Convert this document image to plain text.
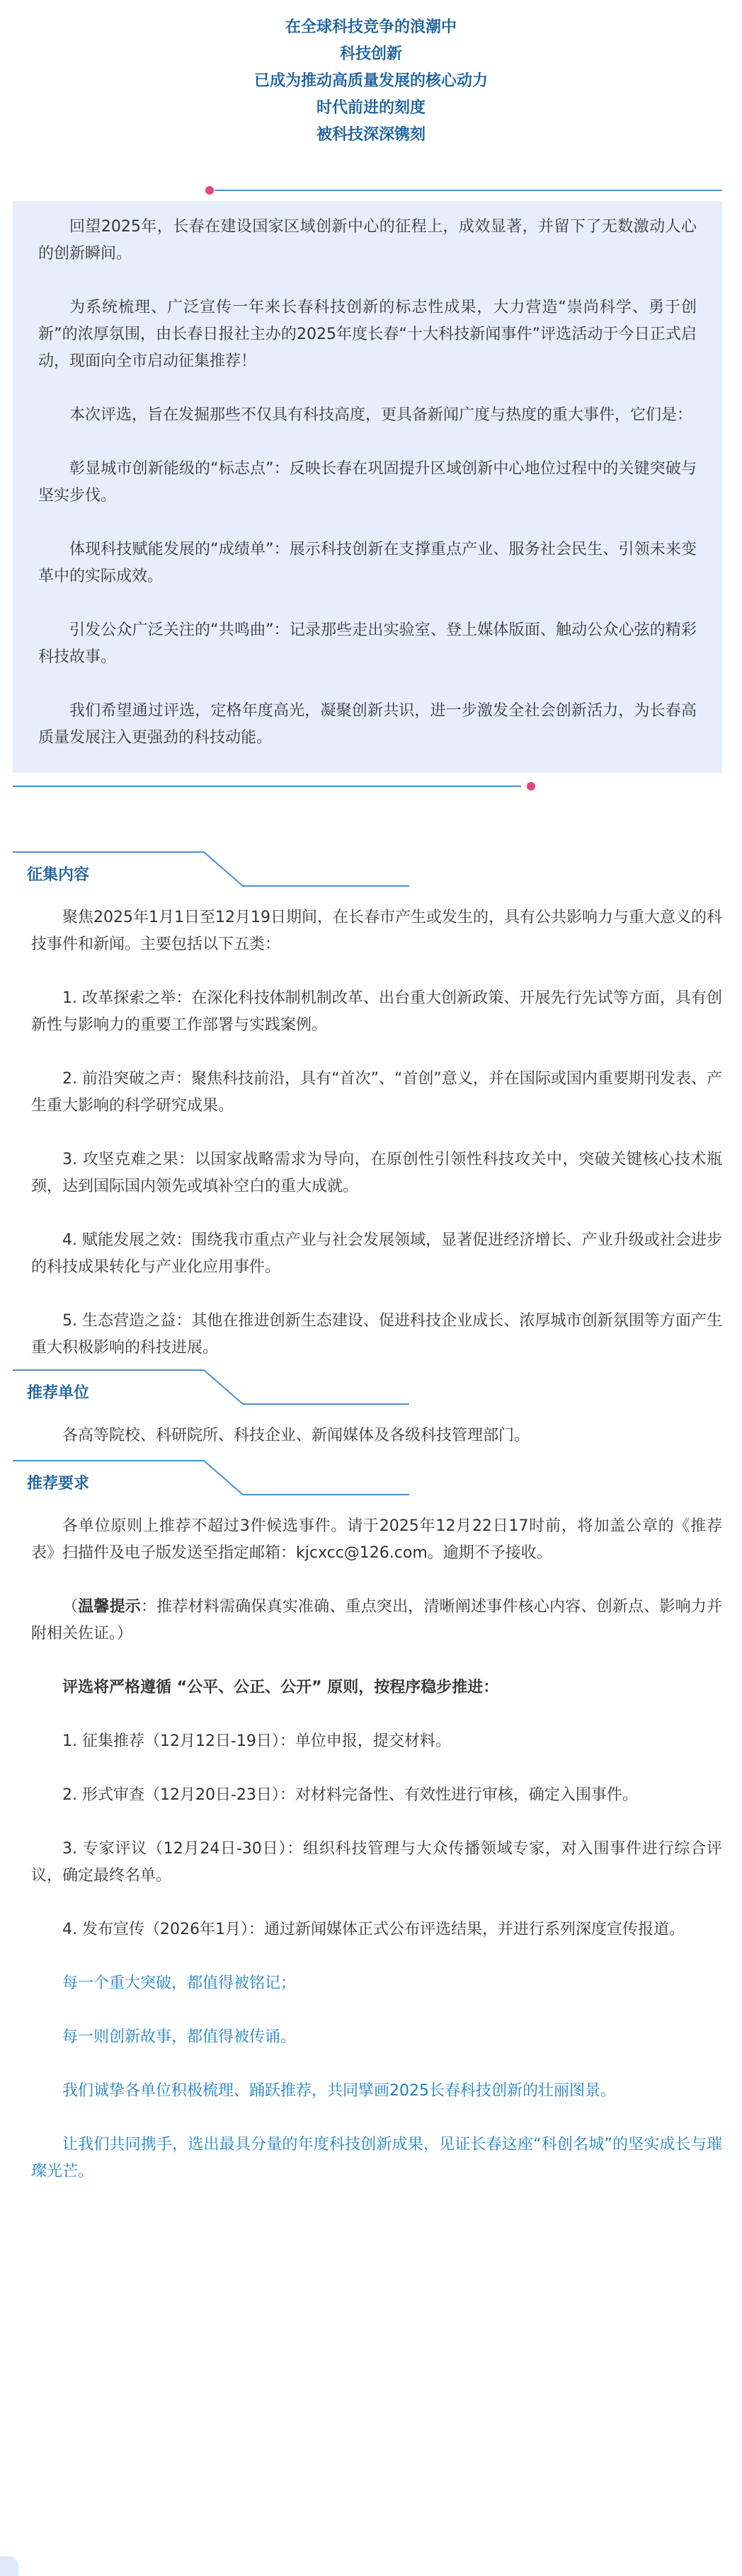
在全球科技竞争的浪潮中

科技创新

已成为推动高质量发展的核心动力

时代前进的刻度

被科技深深镌刻

回望2025年，长春在建设国家区域创新中心的征程上，成效显著，并留下了无数激动人心的创新瞬间。

为系统梳理、广泛宣传一年来长春科技创新的标志性成果，大力营造“崇尚科学、勇于创新”的浓厚氛围，由长春日报社主办的2025年度长春“十大科技新闻事件”评选活动于今日正式启动，现面向全市启动征集推荐！

本次评选，旨在发掘那些不仅具有科技高度，更具备新闻广度与热度的重大事件，它们是：

彰显城市创新能级的“标志点”：反映长春在巩固提升区域创新中心地位过程中的关键突破与坚实步伐。

体现科技赋能发展的“成绩单”：展示科技创新在支撑重点产业、服务社会民生、引领未来变革中的实际成效。

引发公众广泛关注的“共鸣曲”：记录那些走出实验室、登上媒体版面、触动公众心弦的精彩科技故事。

我们希望通过评选，定格年度高光，凝聚创新共识，进一步激发全社会创新活力，为长春高质量发展注入更强劲的科技动能。

征集内容

聚焦2025年1月1日至12月19日期间，在长春市产生或发生的，具有公共影响力与重大意义的科技事件和新闻。主要包括以下五类：

1. 改革探索之举：在深化科技体制机制改革、出台重大创新政策、开展先行先试等方面，具有创新性与影响力的重要工作部署与实践案例。

2. 前沿突破之声：聚焦科技前沿，具有“首次”、“首创”意义，并在国际或国内重要期刊发表、产生重大影响的科学研究成果。

3. 攻坚克难之果：以国家战略需求为导向，在原创性引领性科技攻关中，突破关键核心技术瓶颈，达到国际国内领先或填补空白的重大成就。

4. 赋能发展之效：围绕我市重点产业与社会发展领域，显著促进经济增长、产业升级或社会进步的科技成果转化与产业化应用事件。

5. 生态营造之益：其他在推进创新生态建设、促进科技企业成长、浓厚城市创新氛围等方面产生重大积极影响的科技进展。

推荐单位

各高等院校、科研院所、科技企业、新闻媒体及各级科技管理部门。

推荐要求

各单位原则上推荐不超过3件候选事件。请于2025年12月22日17时前，将加盖公章的《推荐表》扫描件及电子版发送至指定邮箱：kjcxcc@126.com。逾期不予接收。

（温馨提示：推荐材料需确保真实准确、重点突出，清晰阐述事件核心内容、创新点、影响力并附相关佐证。）

评选将严格遵循 “公平、公正、公开” 原则，按程序稳步推进：

1. 征集推荐（12月12日-19日）：单位申报，提交材料。

2. 形式审查（12月20日-23日）：对材料完备性、有效性进行审核，确定入围事件。

3. 专家评议（12月24日-30日）：组织科技管理与大众传播领域专家，对入围事件进行综合评议，确定最终名单。

4. 发布宣传（2026年1月）：通过新闻媒体正式公布评选结果，并进行系列深度宣传报道。

每一个重大突破，都值得被铭记；

每一则创新故事，都值得被传诵。

我们诚挚各单位积极梳理、踊跃推荐，共同擘画2025长春科技创新的壮丽图景。

让我们共同携手，选出最具分量的年度科技创新成果，见证长春这座“科创名城”的坚实成长与璀璨光芒。
